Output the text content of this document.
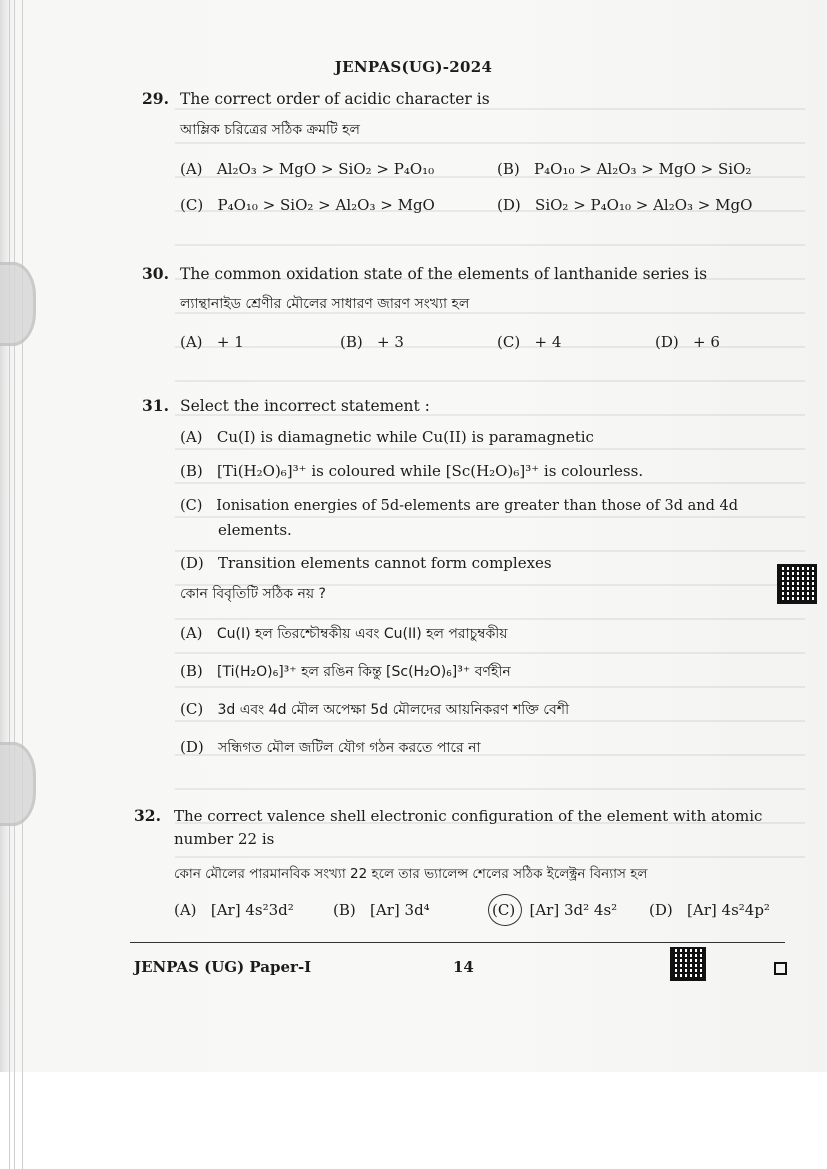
JENPAS(UG)-2024
29. The correct order of acidic character is
আম্লিক চরিত্রের সঠিক ক্রমটি হল
(A) Al₂O₃ > MgO > SiO₂ > P₄O₁₀	(B) P₄O₁₀ > Al₂O₃ > MgO > SiO₂
(C) P₄O₁₀ > SiO₂ > Al₂O₃ > MgO	(D) SiO₂ > P₄O₁₀ > Al₂O₃ > MgO
30. The common oxidation state of the elements of lanthanide series is
ল্যান্থানাইড শ্রেণীর মৌলের সাধারণ জারণ সংখ্যা হল
(A) + 1	(B) + 3	(C) + 4	(D) + 6
31. Select the incorrect statement :
(A) Cu(I) is diamagnetic while Cu(II) is paramagnetic
(B) [Ti(H₂O)₆]³⁺ is coloured while [Sc(H₂O)₆]³⁺ is colourless.
(C) Ionisation energies of 5d-elements are greater than those of 3d and 4d
elements.
(D) Transition elements cannot form complexes
কোন বিবৃতিটি সঠিক নয় ?
(A) Cu(I) হল তিরশ্চৌম্বকীয় এবং Cu(II) হল পরাচুম্বকীয়
(B) [Ti(H₂O)₆]³⁺ হল রঙিন কিন্তু [Sc(H₂O)₆]³⁺ বর্ণহীন
(C) 3d এবং 4d মৌল অপেক্ষা 5d মৌলদের আয়নিকরণ শক্তি বেশী
(D) সন্ধিগত মৌল জটিল যৌগ গঠন করতে পারে না
32. The correct valence shell electronic configuration of the element with atomic
number 22 is
কোন মৌলের পারমানবিক সংখ্যা 22 হলে তার ভ্যালেন্স শেলের সঠিক ইলেক্ট্রন বিন্যাস হল
(A) [Ar] 4s²3d²	(B) [Ar] 3d⁴	(C) [Ar] 3d² 4s² (D) [Ar] 4s²4p²
JENPAS (UG) Paper-I	14
